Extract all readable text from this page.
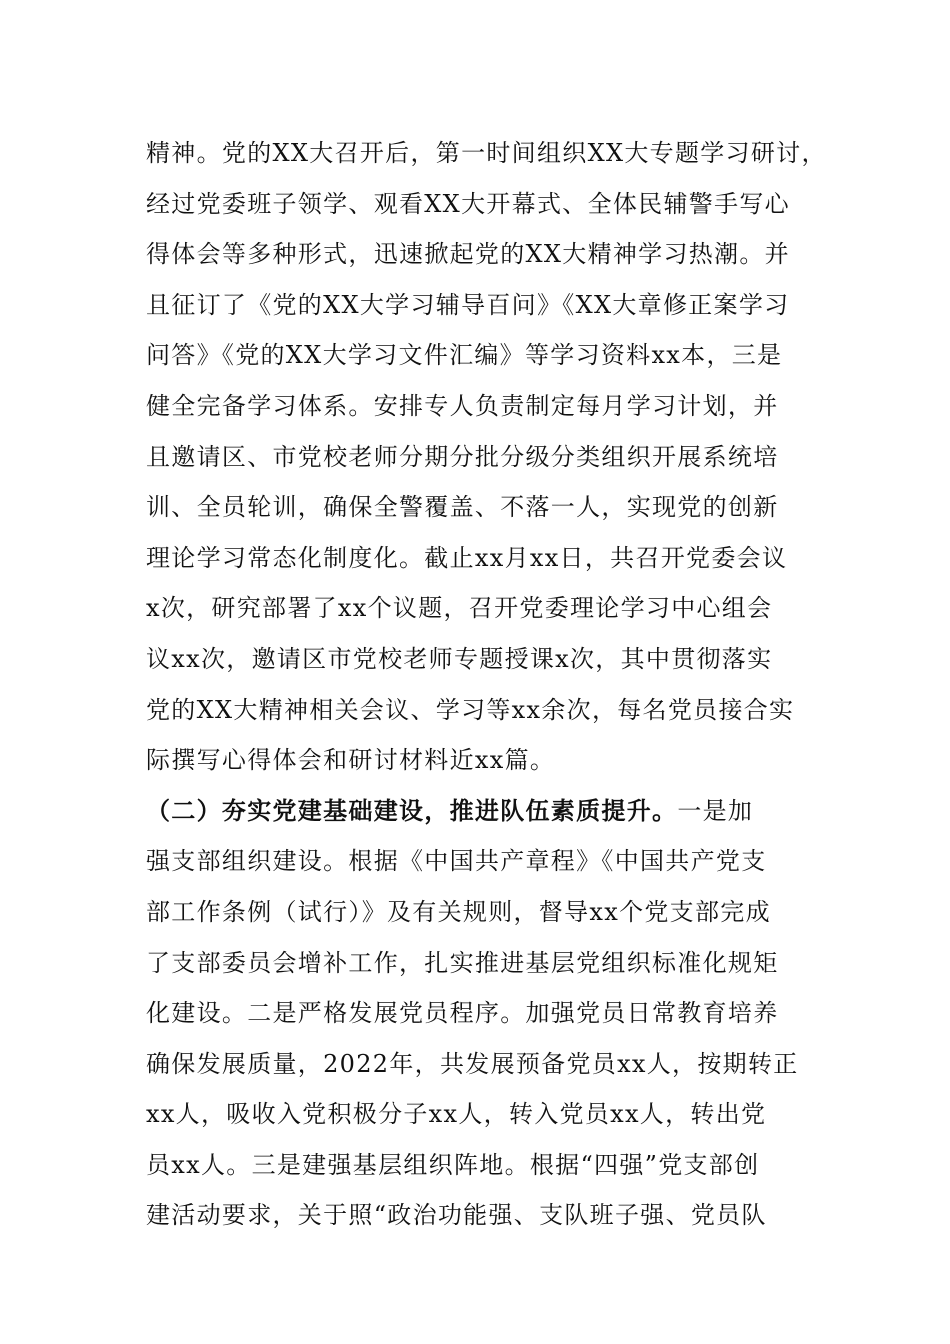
精神。党的XX大召开后，第一时间组织XX大专题学习研讨，
经过党委班子领学、观看XX大开幕式、全体民辅警手写心
得体会等多种形式，迅速掀起党的XX大精神学习热潮。并
且征订了《党的XX大学习辅导百问》《XX大章修正案学习
问答》《党的XX大学习文件汇编》等学习资料xx本，三是
健全完备学习体系。安排专人负责制定每月学习计划，并
且邀请区、市党校老师分期分批分级分类组织开展系统培
训、全员轮训，确保全警覆盖、不落一人，实现党的创新
理论学习常态化制度化。截止xx月xx日，共召开党委会议
x次，研究部署了xx个议题，召开党委理论学习中心组会
议xx次，邀请区市党校老师专题授课x次，其中贯彻落实
党的XX大精神相关会议、学习等xx余次，每名党员接合实
际撰写心得体会和研讨材料近xx篇。
（二）夯实党建基础建设，推进队伍素质提升。一是加
强支部组织建设。根据《中国共产章程》《中国共产党支
部工作条例（试行）》及有关规则，督导xx个党支部完成
了支部委员会增补工作，扎实推进基层党组织标准化规矩
化建设。二是严格发展党员程序。加强党员日常教育培养
确保发展质量，2022年，共发展预备党员xx人，按期转正
xx人，吸收入党积极分子xx人，转入党员xx人，转出党
员xx人。三是建强基层组织阵地。根据“四强”党支部创
建活动要求，关于照“政治功能强、支队班子强、党员队
